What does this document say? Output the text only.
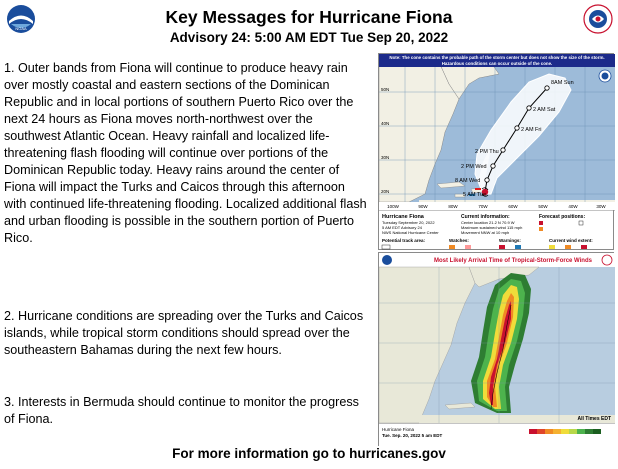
NOAA
Key Messages for Hurricane Fiona
Advisory 24: 5:00 AM EDT Tue Sep 20, 2022
1. Outer bands from Fiona will continue to produce heavy rain over mostly coastal and eastern sections of the Dominican Republic and in local portions of southern Puerto Rico over the next 24 hours as Fiona moves north-northwest over the southwest Atlantic Ocean. Heavy rainfall and localized life-threatening flash flooding will continue over portions of the Dominican Republic today. Heavy rains around the center of Fiona will impact the Turks and Caicos through this afternoon with continued life-threatening flooding. Localized additional flash and urban flooding is possible in the southern portion of Puerto Rico.
2. Hurricane conditions are spreading over the Turks and Caicos islands, while tropical storm conditions should spread over the southeastern Bahamas during the next few hours.
3. Interests in Bermuda should continue to monitor the progress of Fiona.
5 AM Tue
8 AM Wed
2 PM Wed
2 PM Thu
2 AM Fri
2 AM Sat
8AM Sun
50N
40N
30N
20N
Note: The cone contains the probable path of the storm center but does not show the size of the storm. Hazardous conditions can occur outside of the cone.
100W	90W	80W	70W	60W	50W	40W	30W
Hurricane Fiona
Tuesday September 20, 2022
5 AM EDT Advisory 24
NWS National Hurricane Center
Current information:
Center location 21.2 N 70.9 W
Maximum sustained wind 115 mph
Movement NNW at 10 mph
Forecast positions:
Potential track area:	Watches:	Warnings:	Current wind extent:
Most Likely Arrival Time of Tropical-Storm-Force Winds
All Times EDT
Hurricane Fiona
Tue. Sep. 20, 2022 5 am EDT
For more information go to hurricanes.gov
